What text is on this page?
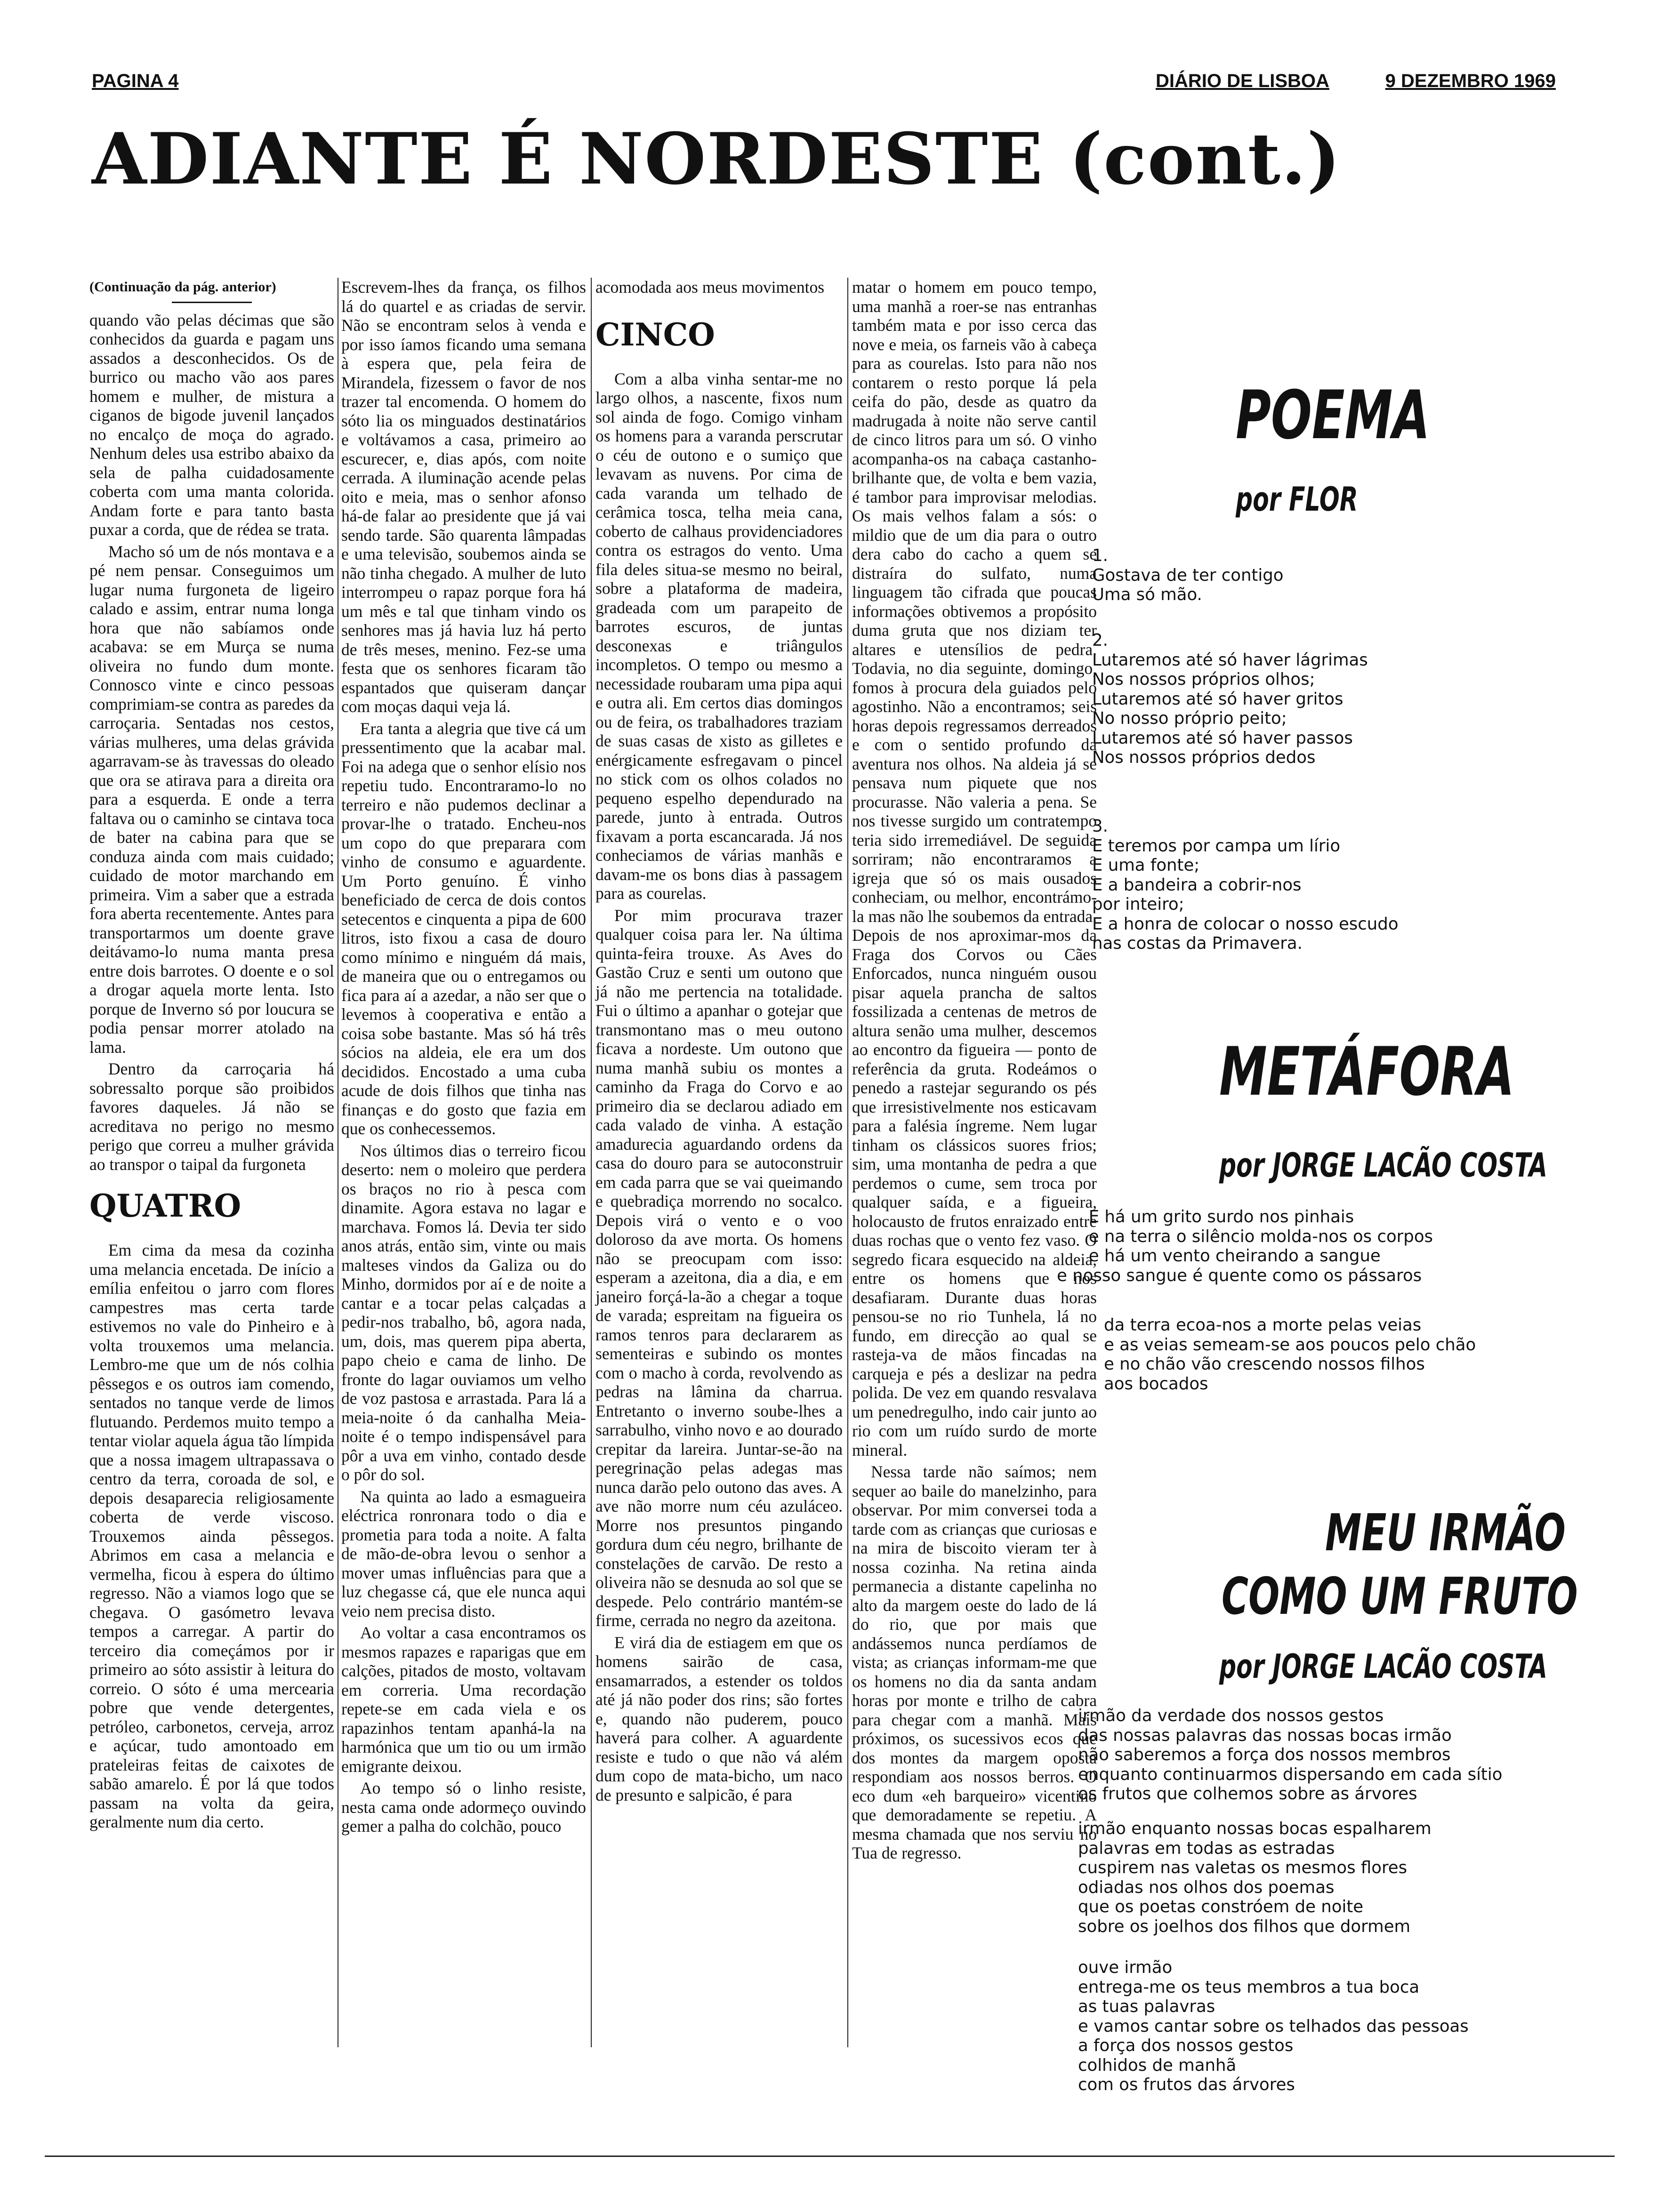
PAGINA 4	DIÁRIO DE LISBOA	9 DEZEMBRO 1969
ADIANTE É NORDESTE (cont.)

(Continuação da pág. anterior)

quando vão pelas décimas que são conhecidos da guarda e pagam uns assados a desconhecidos. Os de burrico ou macho vão aos pares homem e mulher, de mistura a ciganos de bigode juvenil lançados no encalço de moça do agrado. Nenhum deles usa estribo abaixo da sela de palha cuidadosamente coberta com uma manta colorida. Andam forte e para tanto basta puxar a corda, que de rédea se trata.

Macho só um de nós montava e a pé nem pensar. Conseguimos um lugar numa furgoneta de ligeiro calado e assim, entrar numa longa hora que não sabíamos onde acabava: se em Murça se numa oliveira no fundo dum monte. Connosco vinte e cinco pessoas comprimiam-se contra as paredes da carroçaria. Sentadas nos cestos, várias mulheres, uma delas grávida agarravam-se às travessas do oleado que ora se atirava para a direita ora para a esquerda. E onde a terra faltava ou o caminho se cintava toca de bater na cabina para que se conduza ainda com mais cuidado; cuidado de motor marchando em primeira. Vim a saber que a estrada fora aberta recentemente. Antes para transportarmos um doente grave deitávamo-lo numa manta presa entre dois barrotes. O doente e o sol a drogar aquela morte lenta. Isto porque de Inverno só por loucura se podia pensar morrer atolado na lama.

Dentro da carroçaria há sobressalto porque são proibidos favores daqueles. Já não se acreditava no perigo no mesmo perigo que correu a mulher grávida ao transpor o taipal da furgoneta

QUATRO

Em cima da mesa da cozinha uma melancia encetada. De início a emília enfeitou o jarro com flores campestres mas certa tarde estivemos no vale do Pinheiro e à volta trouxemos uma melancia. Lembro-me que um de nós colhia pêssegos e os outros iam comendo, sentados no tanque verde de limos flutuando. Perdemos muito tempo a tentar violar aquela água tão límpida que a nossa imagem ultrapassava o centro da terra, coroada de sol, e depois desaparecia religiosamente coberta de verde viscoso. Trouxemos ainda pêssegos. Abrimos em casa a melancia e vermelha, ficou à espera do último regresso. Não a viamos logo que se chegava. O gasómetro levava tempos a carregar. A partir do terceiro dia começámos por ir primeiro ao sóto assistir à leitura do correio. O sóto é uma mercearia pobre que vende detergentes, petróleo, carbonetos, cerveja, arroz e açúcar, tudo amontoado em prateleiras feitas de caixotes de sabão amarelo. É por lá que todos passam na volta da geira, geralmente num dia certo.

Escrevem-lhes da frança, os filhos lá do quartel e as criadas de servir. Não se encontram selos à venda e por isso íamos ficando uma semana à espera que, pela feira de Mirandela, fizessem o favor de nos trazer tal encomenda. O homem do sóto lia os minguados destinatários e voltávamos a casa, primeiro ao escurecer, e, dias após, com noite cerrada. A iluminação acende pelas oito e meia, mas o senhor afonso há-de falar ao presidente que já vai sendo tarde. São quarenta lâmpadas e uma televisão, soubemos ainda se não tinha chegado. A mulher de luto interrompeu o rapaz porque fora há um mês e tal que tinham vindo os senhores mas já havia luz há perto de três meses, menino. Fez-se uma festa que os senhores ficaram tão espantados que quiseram dançar com moças daqui veja lá.

Era tanta a alegria que tive cá um pressentimento que la acabar mal. Foi na adega que o senhor elísio nos repetiu tudo. Encontraramo-lo no terreiro e não pudemos declinar a provar-lhe o tratado. Encheu-nos um copo do que preparara com vinho de consumo e aguardente. Um Porto genuíno. É vinho beneficiado de cerca de dois contos setecentos e cinquenta a pipa de 600 litros, isto fixou a casa de douro como mínimo e ninguém dá mais, de maneira que ou o entregamos ou fica para aí a azedar, a não ser que o levemos à cooperativa e então a coisa sobe bastante. Mas só há três sócios na aldeia, ele era um dos decididos. Encostado a uma cuba acude de dois filhos que tinha nas finanças e do gosto que fazia em que os conhecessemos.

Nos últimos dias o terreiro ficou deserto: nem o moleiro que perdera os braços no rio à pesca com dinamite. Agora estava no lagar e marchava. Fomos lá. Devia ter sido anos atrás, então sim, vinte ou mais malteses vindos da Galiza ou do Minho, dormidos por aí e de noite a cantar e a tocar pelas calçadas a pedir-nos trabalho, bô, agora nada, um, dois, mas querem pipa aberta, papo cheio e cama de linho. De fronte do lagar ouviamos um velho de voz pastosa e arrastada. Para lá a meia-noite ó da canhalha Meia-noite é o tempo indispensável para pôr a uva em vinho, contado desde o pôr do sol.

Na quinta ao lado a esmagueira eléctrica ronronara todo o dia e prometia para toda a noite. A falta de mão-de-obra levou o senhor a mover umas influências para que a luz chegasse cá, que ele nunca aqui veio nem precisa disto.

Ao voltar a casa encontramos os mesmos rapazes e raparigas que em calções, pitados de mosto, voltavam em correria. Uma recordação repete-se em cada viela e os rapazinhos tentam apanhá-la na harmónica que um tio ou um irmão emigrante deixou.

Ao tempo só o linho resiste, nesta cama onde adormeço ouvindo gemer a palha do colchão, pouco

acomodada aos meus movimentos

CINCO

Com a alba vinha sentar-me no largo olhos, a nascente, fixos num sol ainda de fogo. Comigo vinham os homens para a varanda perscrutar o céu de outono e o sumiço que levavam as nuvens. Por cima de cada varanda um telhado de cerâmica tosca, telha meia cana, coberto de calhaus providenciadores contra os estragos do vento. Uma fila deles situa-se mesmo no beiral, sobre a plataforma de madeira, gradeada com um parapeito de barrotes escuros, de juntas desconexas e triângulos incompletos. O tempo ou mesmo a necessidade roubaram uma pipa aqui e outra ali. Em certos dias domingos ou de feira, os trabalhadores traziam de suas casas de xisto as gilletes e enérgicamente esfregavam o pincel no stick com os olhos colados no pequeno espelho dependurado na parede, junto à entrada. Outros fixavam a porta escancarada. Já nos conheciamos de várias manhãs e davam-me os bons dias à passagem para as courelas.

Por mim procurava trazer qualquer coisa para ler. Na última quinta-feira trouxe. As Aves do Gastão Cruz e senti um outono que já não me pertencia na totalidade. Fui o último a apanhar o gotejar que transmontano mas o meu outono ficava a nordeste. Um outono que numa manhã subiu os montes a caminho da Fraga do Corvo e ao primeiro dia se declarou adiado em cada valado de vinha. A estação amadurecia aguardando ordens da casa do douro para se autoconstruir em cada parra que se vai queimando e quebradiça morrendo no socalco. Depois virá o vento e o voo doloroso da ave morta. Os homens não se preocupam com isso: esperam a azeitona, dia a dia, e em janeiro forçá-la-ão a chegar a toque de varada; espreitam na figueira os ramos tenros para declararem as sementeiras e subindo os montes com o macho à corda, revolvendo as pedras na lâmina da charrua. Entretanto o inverno soube-lhes a sarrabulho, vinho novo e ao dourado crepitar da lareira. Juntar-se-ão na peregrinação pelas adegas mas nunca darão pelo outono das aves. A ave não morre num céu azuláceo. Morre nos presuntos pingando gordura dum céu negro, brilhante de constelações de carvão. De resto a oliveira não se desnuda ao sol que se despede. Pelo contrário mantém-se firme, cerrada no negro da azeitona.

E virá dia de estiagem em que os homens sairão de casa, ensamarrados, a estender os toldos até já não poder dos rins; são fortes e, quando não puderem, pouco haverá para colher. A aguardente resiste e tudo o que não vá além dum copo de mata-bicho, um naco de presunto e salpicão, é para

matar o homem em pouco tempo, uma manhã a roer-se nas entranhas também mata e por isso cerca das nove e meia, os farneis vão à cabeça para as courelas. Isto para não nos contarem o resto porque lá pela ceifa do pão, desde as quatro da madrugada à noite não serve cantil de cinco litros para um só. O vinho acompanha-os na cabaça castanho-brilhante que, de volta e bem vazia, é tambor para improvisar melodias. Os mais velhos falam a sós: o mildio que de um dia para o outro dera cabo do cacho a quem se distraíra do sulfato, numa linguagem tão cifrada que poucas informações obtivemos a propósito duma gruta que nos diziam ter altares e utensílios de pedra. Todavia, no dia seguinte, domingo, fomos à procura dela guiados pelo agostinho. Não a encontramos; seis horas depois regressamos derreados e com o sentido profundo da aventura nos olhos. Na aldeia já se pensava num piquete que nos procurasse. Não valeria a pena. Se nos tivesse surgido um contratempo teria sido irremediável. De seguida sorriram; não encontraramos a igreja que só os mais ousados conheciam, ou melhor, encontrámo-la mas não lhe soubemos da entrada. Depois de nos aproximar-mos da Fraga dos Corvos ou Cães Enforcados, nunca ninguém ousou pisar aquela prancha de saltos fossilizada a centenas de metros de altura senão uma mulher, descemos ao encontro da figueira — ponto de referência da gruta. Rodeámos o penedo a rastejar segurando os pés que irresistivelmente nos esticavam para a falésia íngreme. Nem lugar tinham os clássicos suores frios; sim, uma montanha de pedra a que perdemos o cume, sem troca por qualquer saída, e a figueira, holocausto de frutos enraizado entre duas rochas que o vento fez vaso. O segredo ficara esquecido na aldeia, entre os homens que nos desafiaram. Durante duas horas pensou-se no rio Tunhela, lá no fundo, em direcção ao qual se rasteja-va de mãos fincadas na carqueja e pés a deslizar na pedra polida. De vez em quando resvalava um penedregulho, indo cair junto ao rio com um ruído surdo de morte mineral.

Nessa tarde não saímos; nem sequer ao baile do manelzinho, para observar. Por mim conversei toda a tarde com as crianças que curiosas e na mira de biscoito vieram ter à nossa cozinha. Na retina ainda permanecia a distante capelinha no alto da margem oeste do lado de lá do rio, que por mais que andássemos nunca perdíamos de vista; as crianças informam-me que os homens no dia da santa andam horas por monte e trilho de cabra para chegar com a manhã. Mais próximos, os sucessivos ecos que dos montes da margem oposta respondiam aos nossos berros. O eco dum «eh barqueiro» vicentino que demoradamente se repetiu. A mesma chamada que nos serviu no Tua de regresso.

POEMA
por FLOR
1.
Gostava de ter contigo
Uma só mão.
2.
Lutaremos até só haver lágrimas
Nos nossos próprios olhos;
Lutaremos até só haver gritos
No nosso próprio peito;
Lutaremos até só haver passos
Nos nossos próprios dedos
3.
E teremos por campa um lírio
E uma fonte;
E a bandeira a cobrir-nos
por inteiro;
E a honra de colocar o nosso escudo
nas costas da Primavera.
METÁFORA
por JORGE LACÃO COSTA
E há um grito surdo nos pinhais
e na terra o silêncio molda-nos os corpos
e há um vento cheirando a sangue
e nosso sangue é quente como os pássaros
da terra ecoa-nos a morte pelas veias
e as veias semeam-se aos poucos pelo chão
e no chão vão crescendo nossos filhos
aos bocados
MEU IRMÃO
COMO UM FRUTO
por JORGE LACÃO COSTA
irmão da verdade dos nossos gestos
das nossas palavras das nossas bocas irmão
não saberemos a força dos nossos membros
enquanto continuarmos dispersando em cada sítio
os frutos que colhemos sobre as árvores
irmão enquanto nossas bocas espalharem
palavras em todas as estradas
cuspirem nas valetas os mesmos flores
odiadas nos olhos dos poemas
que os poetas constróem de noite
sobre os joelhos dos filhos que dormem
ouve irmão
entrega-me os teus membros a tua boca
as tuas palavras
e vamos cantar sobre os telhados das pessoas
a força dos nossos gestos
colhidos de manhã
com os frutos das árvores
